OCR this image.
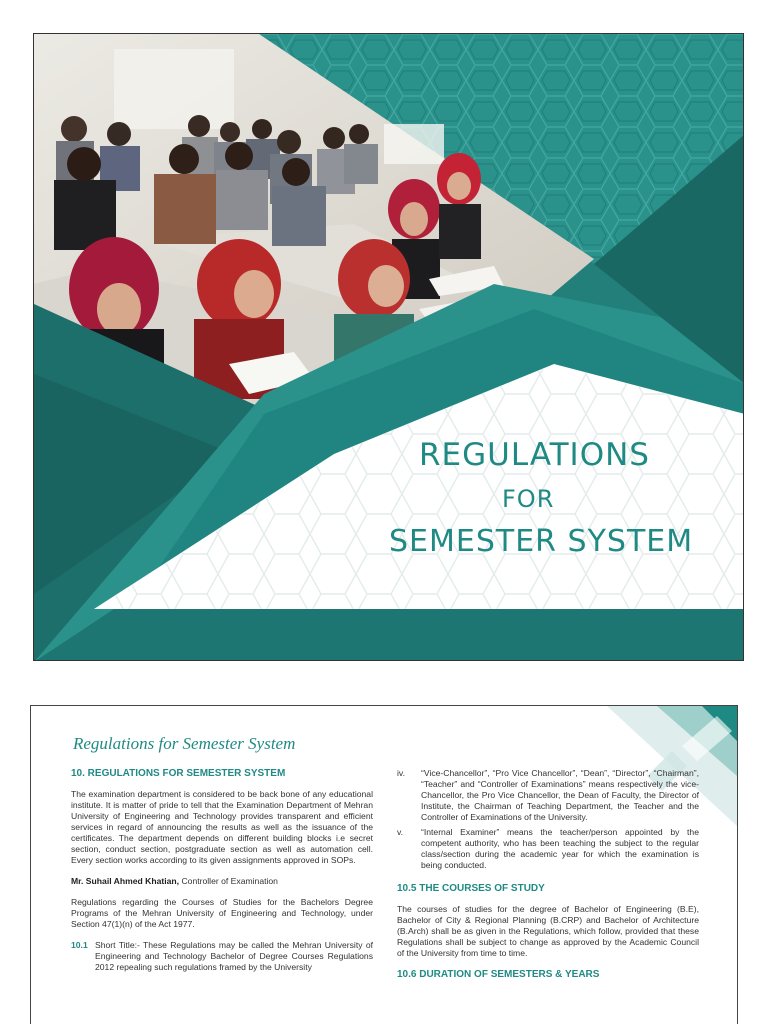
REGULATIONS
FOR
SEMESTER SYSTEM
Regulations for Semester System
10. REGULATIONS FOR SEMESTER SYSTEM
The examination department is considered to be back bone of any educational institute. It is matter of pride to tell that the Examination Department of Mehran University of Engineering and Technology provides transparent and efficient services in regard of announcing the results as well as the issuance of the certificates. The department depends on different building blocks i.e secret section, conduct section, postgraduate section as well as automation cell. Every section works according to its given assignments approved in SOPs.
Mr. Suhail Ahmed Khatian, Controller of Examination
Regulations regarding the Courses of Studies for the Bachelors Degree Programs of the Mehran University of Engineering and Technology, under Section 47(1)(n) of the Act 1977.
10.1 Short Title:- These Regulations may be called the Mehran University of Engineering and Technology Bachelor of Degree Courses Regulations 2012 repealing such regulations framed by the University
iv.	“Vice-Chancellor”, “Pro Vice Chancellor”, “Dean”, “Director”, “Chairman”, “Teacher” and “Controller of Examinations” means respectively the vice- Chancellor, the Pro Vice Chancellor, the Dean of Faculty, the Director of Institute, the Chairman of Teaching Department, the Teacher and the Controller of Examinations of the University.
v.	“Internal Examiner” means the teacher/person appointed by the competent authority, who has been teaching the subject to the regular class/section during the academic year for which the examination is being conducted.
10.5 THE COURSES OF STUDY
The courses of studies for the degree of Bachelor of Engineering (B.E), Bachelor of City & Regional Planning (B.CRP) and Bachelor of Architecture (B.Arch) shall be as given in the Regulations, which follow, provided that these Regulations shall be subject to change as approved by the Academic Council of the University from time to time.
10.6 DURATION OF SEMESTERS & YEARS
